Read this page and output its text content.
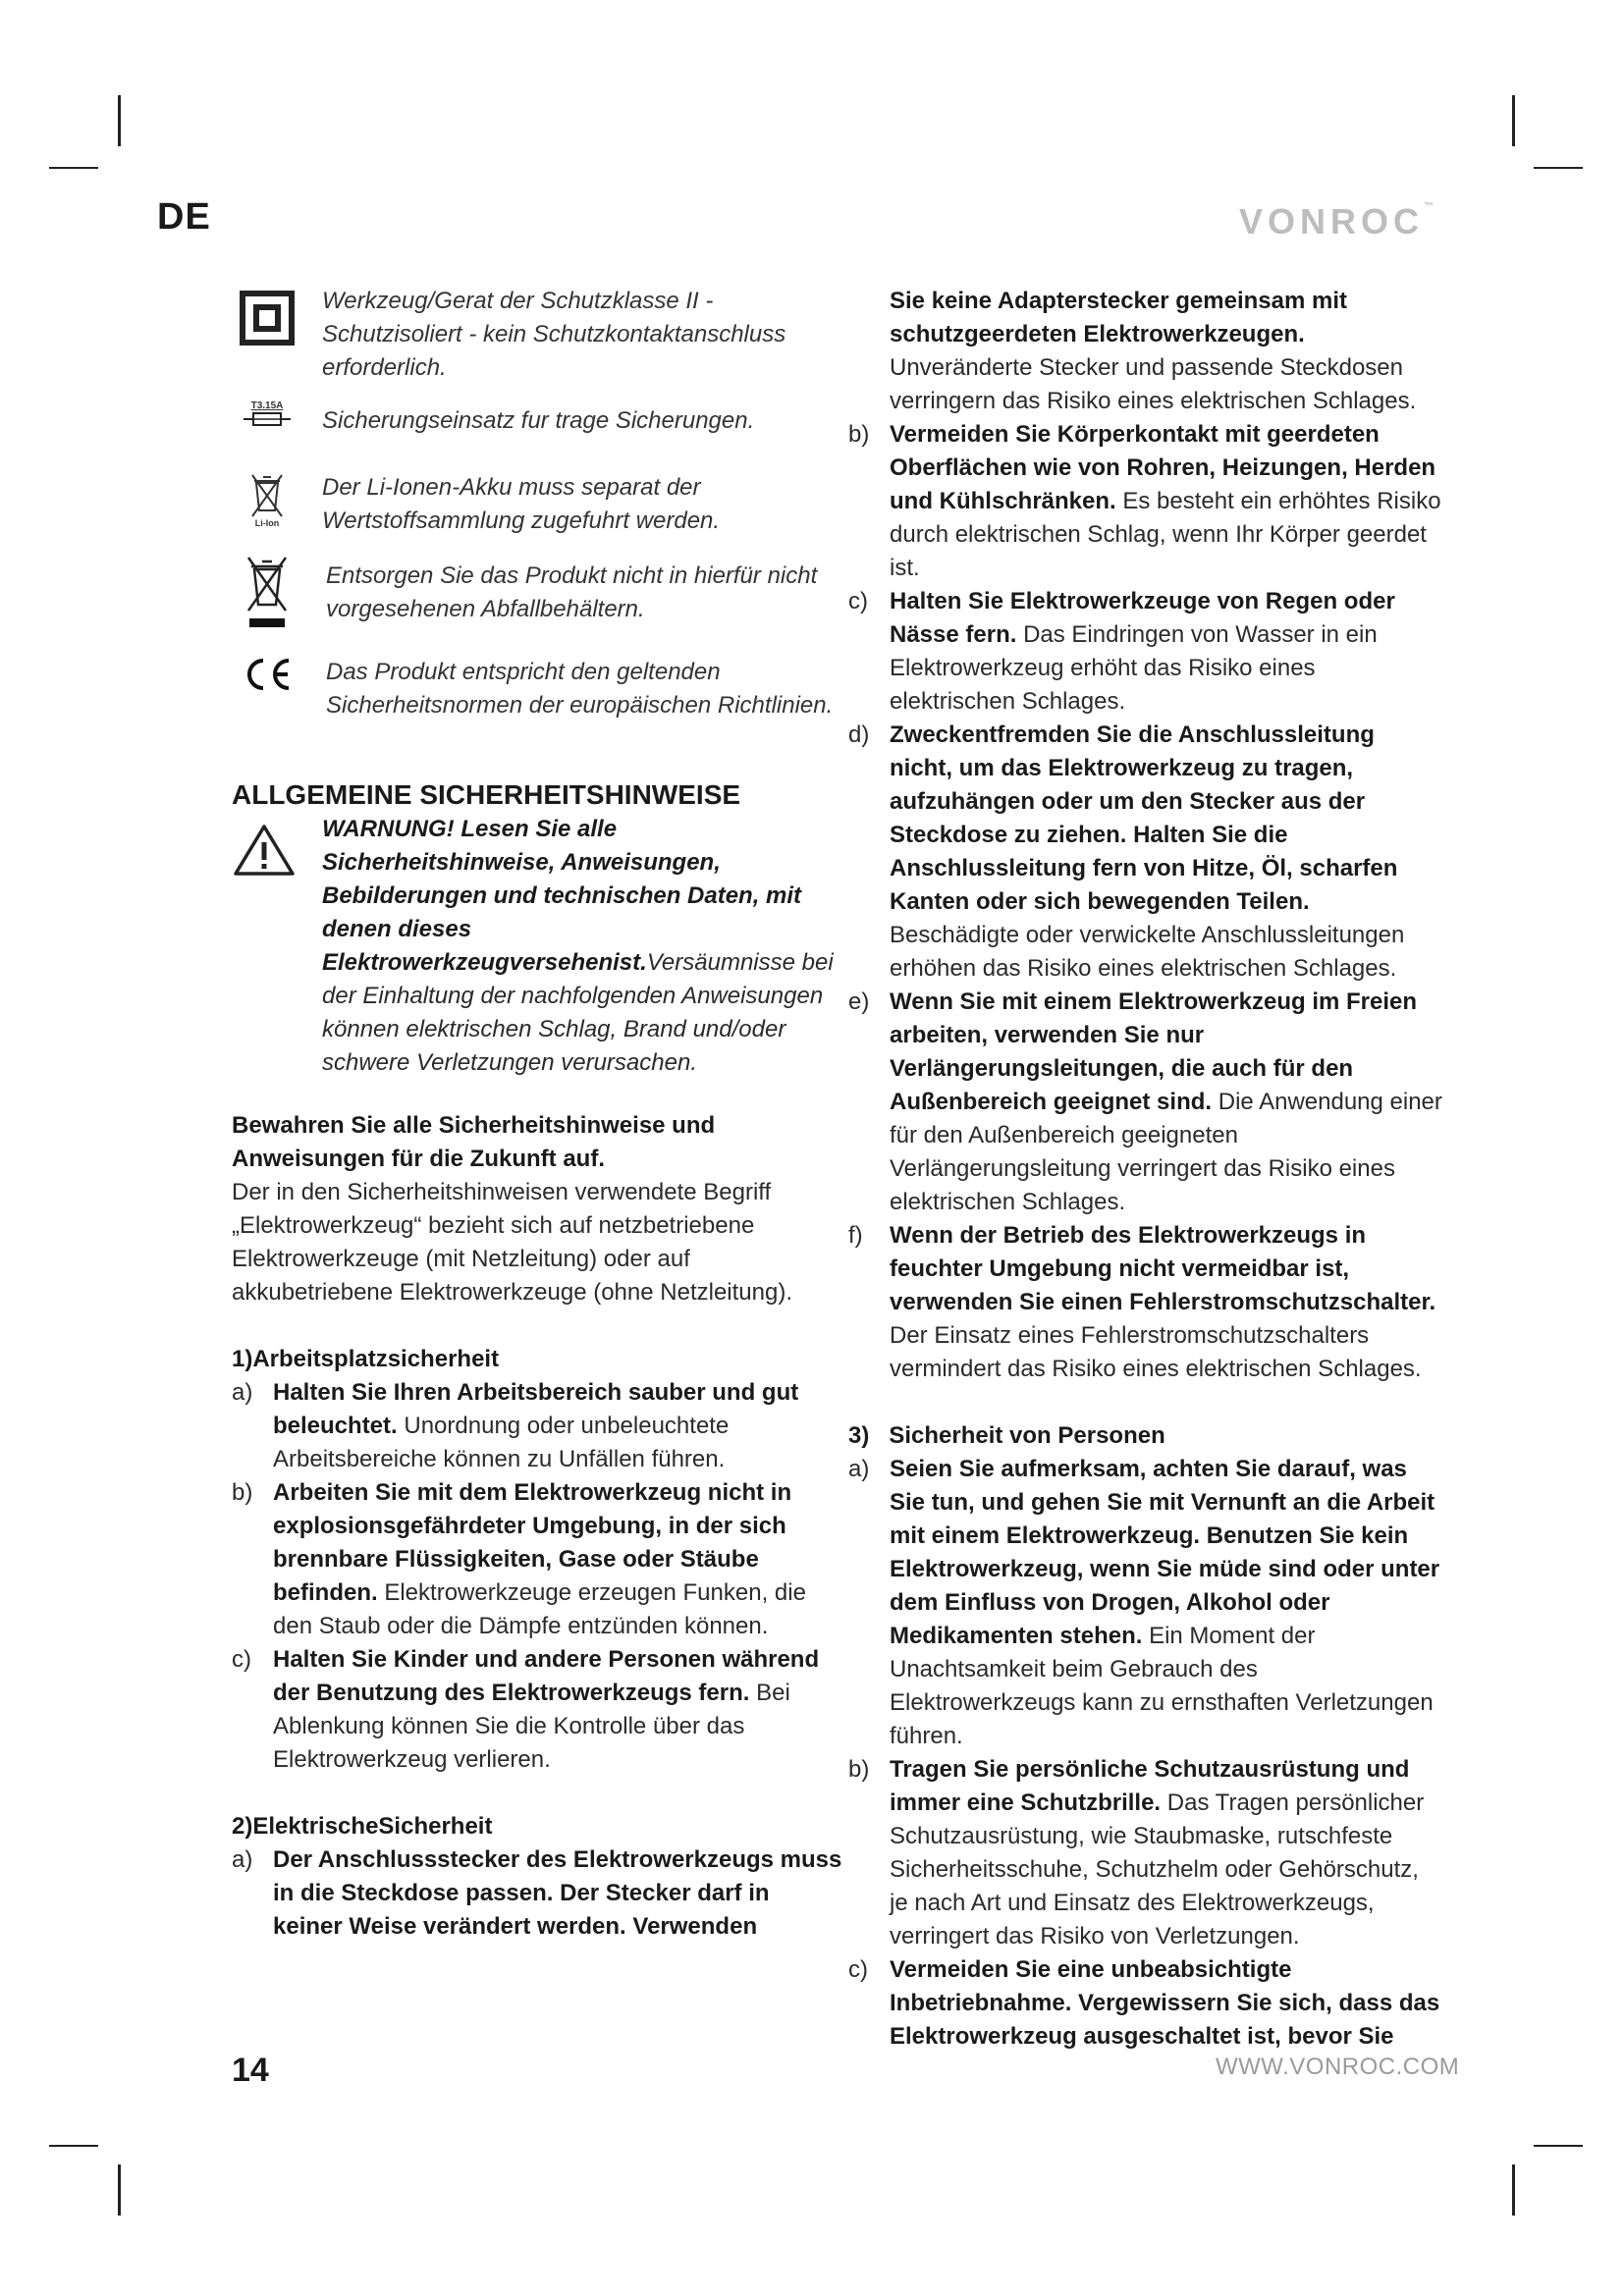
DE	VONROC™
Werkzeug/Gerat der Schutzklasse II - Schutzisoliert - kein Schutzkontaktanschluss erforderlich.
T3.15A
Sicherungseinsatz fur trage Sicherungen.
Li-Ion
Der Li-Ionen-Akku muss separat der Wertstoffsammlung zugefuhrt werden.
Entsorgen Sie das Produkt nicht in hierfür nicht vorgesehenen Abfallbehältern.
Das Produkt entspricht den geltenden Sicherheitsnormen der europäischen Richtlinien.
ALLGEMEINE SICHERHEITSHINWEISE
WARNUNG! Lesen Sie alle Sicherheitshinweise, Anweisungen, Bebilderungen und technischen Daten, mit denen dieses Elektrowerkzeugversehenist.Versäumnisse bei der Einhaltung der nachfolgenden Anweisungen können elektrischen Schlag, Brand und/oder schwere Verletzungen verursachen.
Bewahren Sie alle Sicherheitshinweise und Anweisungen für die Zukunft auf.
Der in den Sicherheitshinweisen verwendete Begriff „Elektrowerkzeug“ bezieht sich auf netzbetriebene Elektrowerkzeuge (mit Netzleitung) oder auf akkubetriebene Elektrowerkzeuge (ohne Netzleitung).
1)Arbeitsplatzsicherheit
a) Halten Sie Ihren Arbeitsbereich sauber und gut beleuchtet. Unordnung oder unbeleuchtete Arbeitsbereiche können zu Unfällen führen.
b) Arbeiten Sie mit dem Elektrowerkzeug nicht in explosionsgefährdeter Umgebung, in der sich brennbare Flüssigkeiten, Gase oder Stäube befinden. Elektrowerkzeuge erzeugen Funken, die den Staub oder die Dämpfe entzünden können.
c) Halten Sie Kinder und andere Personen während der Benutzung des Elektrowerkzeugs fern. Bei Ablenkung können Sie die Kontrolle über das Elektrowerkzeug verlieren.
2)ElektrischeSicherheit
a) Der Anschlussstecker des Elektrowerkzeugs muss in die Steckdose passen. Der Stecker darf in keiner Weise verändert werden. Verwenden
Sie keine Adapterstecker gemeinsam mit schutzgeerdeten Elektrowerkzeugen. Unveränderte Stecker und passende Steckdosen verringern das Risiko eines elektrischen Schlages.
b) Vermeiden Sie Körperkontakt mit geerdeten Oberflächen wie von Rohren, Heizungen, Herden und Kühlschränken. Es besteht ein erhöhtes Risiko durch elektrischen Schlag, wenn Ihr Körper geerdet ist.
c) Halten Sie Elektrowerkzeuge von Regen oder Nässe fern. Das Eindringen von Wasser in ein Elektrowerkzeug erhöht das Risiko eines elektrischen Schlages.
d) Zweckentfremden Sie die Anschlussleitung nicht, um das Elektrowerkzeug zu tragen, aufzuhängen oder um den Stecker aus der Steckdose zu ziehen. Halten Sie die Anschlussleitung fern von Hitze, Öl, scharfen Kanten oder sich bewegenden Teilen. Beschädigte oder verwickelte Anschlussleitungen erhöhen das Risiko eines elektrischen Schlages.
e) Wenn Sie mit einem Elektrowerkzeug im Freien arbeiten, verwenden Sie nur Verlängerungsleitungen, die auch für den Außenbereich geeignet sind. Die Anwendung einer für den Außenbereich geeigneten Verlängerungsleitung verringert das Risiko eines elektrischen Schlages.
f) Wenn der Betrieb des Elektrowerkzeugs in feuchter Umgebung nicht vermeidbar ist, verwenden Sie einen Fehlerstromschutzschalter. Der Einsatz eines Fehlerstromschutzschalters vermindert das Risiko eines elektrischen Schlages.
3)   Sicherheit von Personen
a) Seien Sie aufmerksam, achten Sie darauf, was Sie tun, und gehen Sie mit Vernunft an die Arbeit mit einem Elektrowerkzeug. Benutzen Sie kein Elektrowerkzeug, wenn Sie müde sind oder unter dem Einfluss von Drogen, Alkohol oder Medikamenten stehen. Ein Moment der Unachtsamkeit beim Gebrauch des Elektrowerkzeugs kann zu ernsthaften Verletzungen führen.
b) Tragen Sie persönliche Schutzausrüstung und immer eine Schutzbrille. Das Tragen persönlicher Schutzausrüstung, wie Staubmaske, rutschfeste Sicherheitsschuhe, Schutzhelm oder Gehörschutz, je nach Art und Einsatz des Elektrowerkzeugs, verringert das Risiko von Verletzungen.
c) Vermeiden Sie eine unbeabsichtigte Inbetriebnahme. Vergewissern Sie sich, dass das Elektrowerkzeug ausgeschaltet ist, bevor Sie
14	WWW.VONROC.COM
